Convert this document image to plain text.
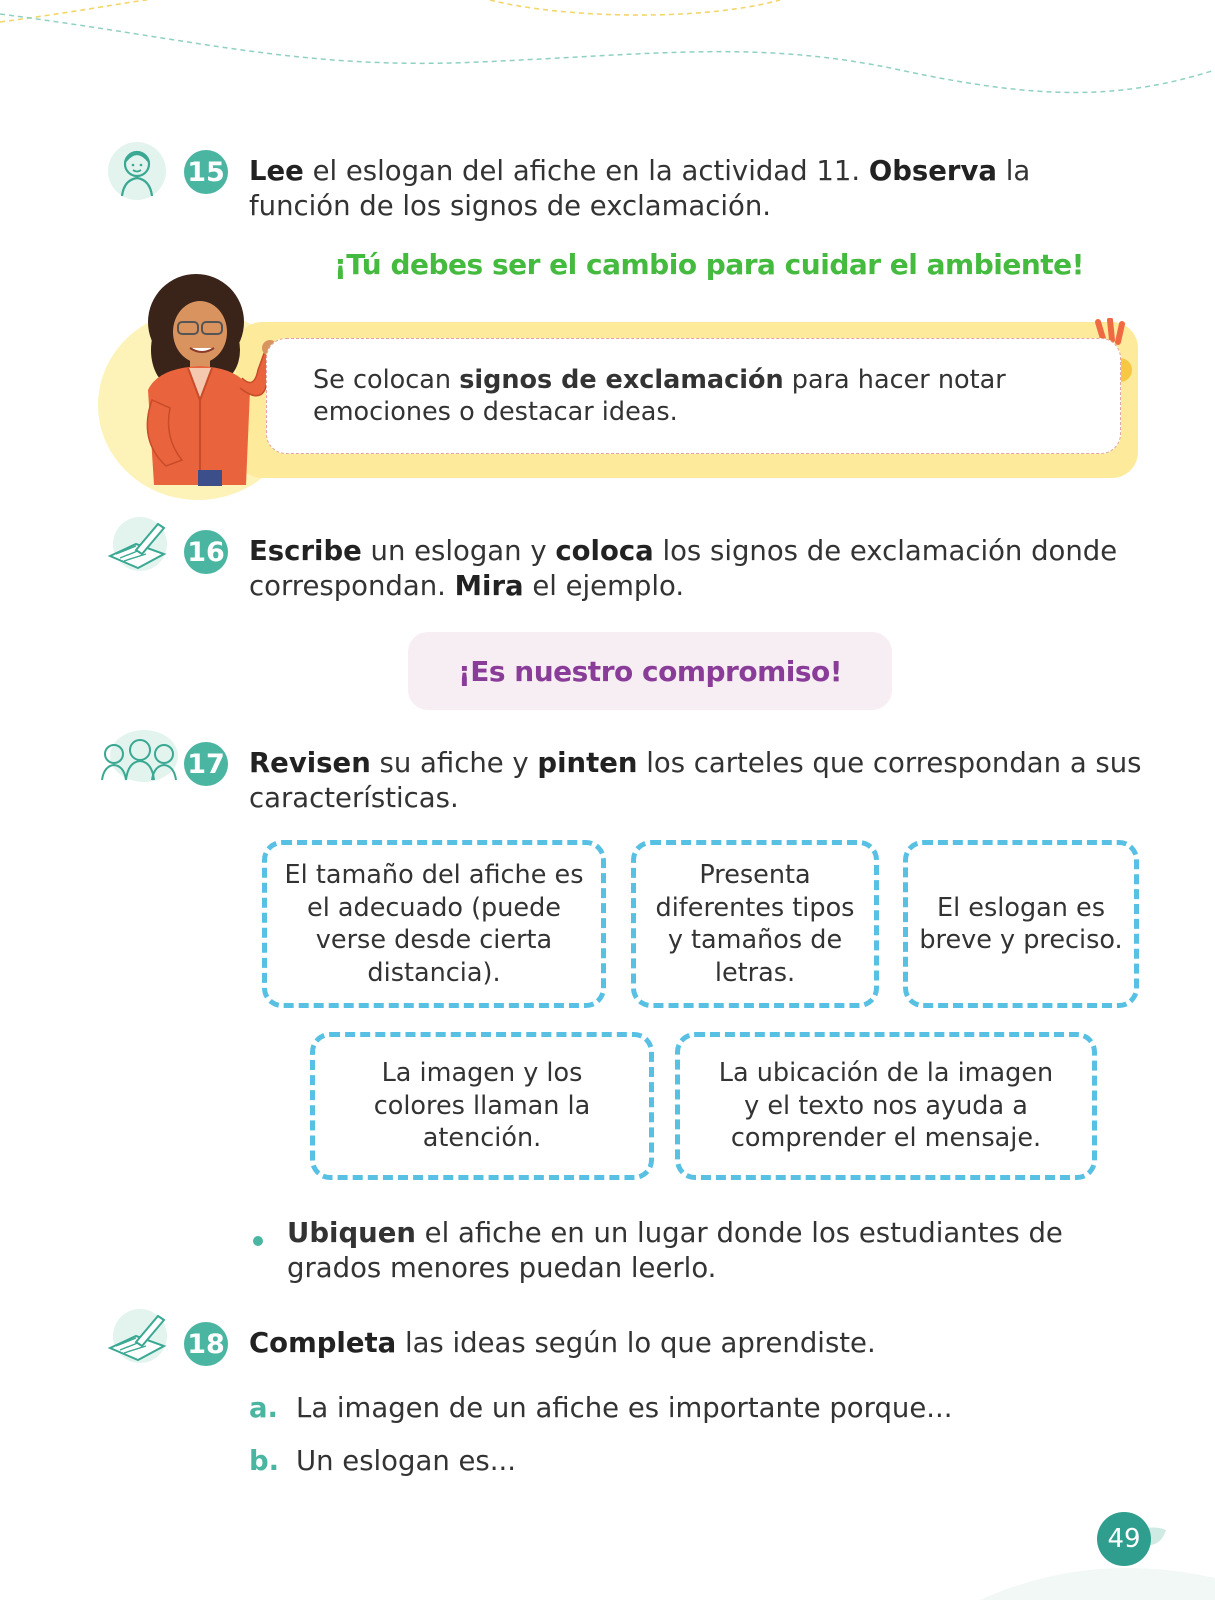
15 Lee el eslogan del afiche en la actividad 11. Observa la función de los signos de exclamación.
¡Tú debes ser el cambio para cuidar el ambiente!
Se colocan signos de exclamación para hacer notar emociones o destacar ideas.
16 Escribe un eslogan y coloca los signos de exclamación donde correspondan. Mira el ejemplo.
¡Es nuestro compromiso!
17 Revisen su afiche y pinten los carteles que correspondan a sus características.
El tamaño del afiche es el adecuado (puede verse desde cierta distancia).
Presenta diferentes tipos y tamaños de letras.
El eslogan es breve y preciso.
La imagen y los colores llaman la atención.
La ubicación de la imagen y el texto nos ayuda a comprender el mensaje.
Ubiquen el afiche en un lugar donde los estudiantes de grados menores puedan leerlo.
18 Completa las ideas según lo que aprendiste.
a. La imagen de un afiche es importante porque...
b. Un eslogan es...
49
